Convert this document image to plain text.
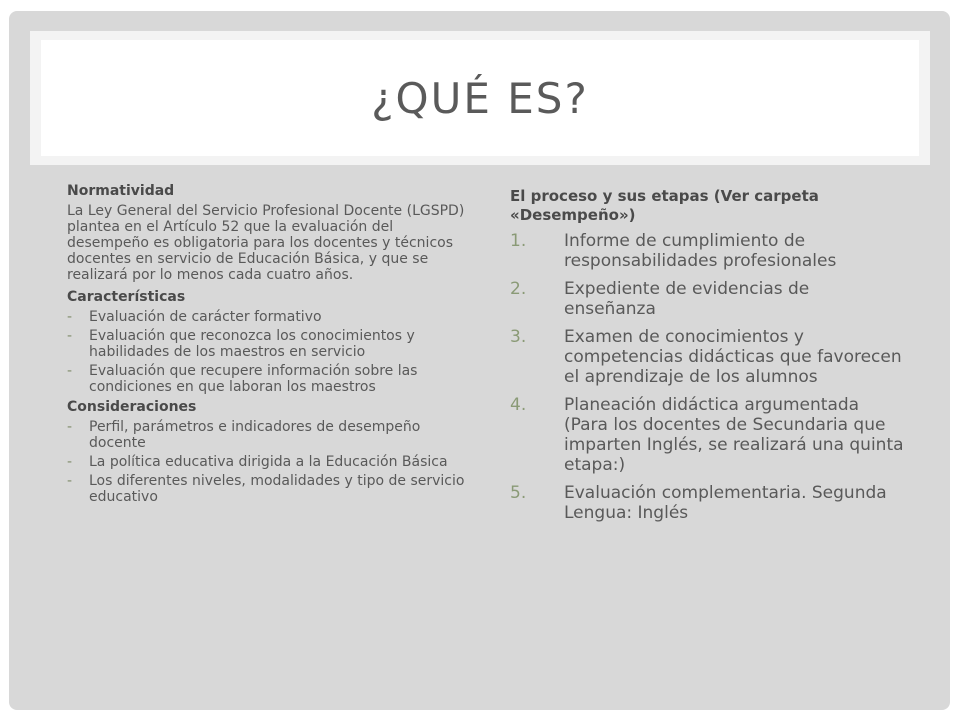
¿QUÉ ES?
Normatividad
La Ley General del Servicio Profesional Docente (LGSPD) plantea en el Artículo 52 que la evaluación del desempeño es obligatoria para los docentes y técnicos docentes en servicio de Educación Básica, y que se realizará por lo menos cada cuatro años.
Características
- Evaluación de carácter formativo
- Evaluación que reconozca los conocimientos y habilidades de los maestros en servicio
- Evaluación que recupere información sobre las condiciones en que laboran los maestros
Consideraciones
- Perfil, parámetros e indicadores de desempeño docente
- La política educativa dirigida a la Educación Básica
- Los diferentes niveles, modalidades y tipo de servicio educativo
El proceso y sus etapas (Ver carpeta «Desempeño»)
1. Informe de cumplimiento de responsabilidades profesionales
2. Expediente de evidencias de enseñanza
3. Examen de conocimientos y competencias didácticas que favorecen el aprendizaje de los alumnos
4. Planeación didáctica argumentada (Para los docentes de Secundaria que imparten Inglés, se realizará una quinta etapa:)
5. Evaluación complementaria. Segunda Lengua: Inglés
